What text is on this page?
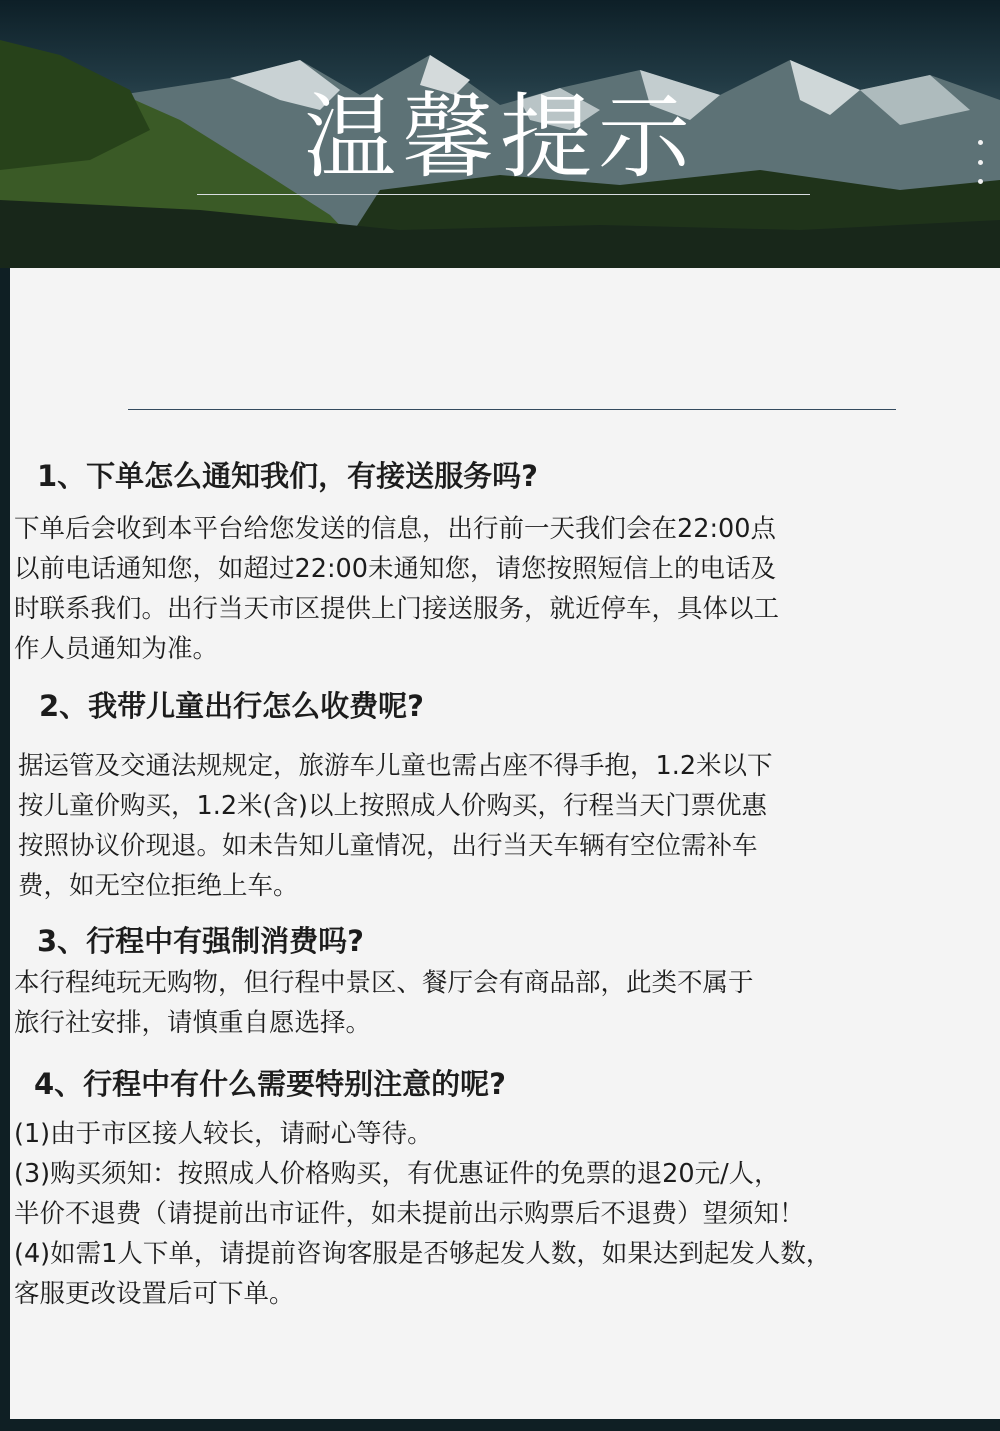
温馨提示
1、下单怎么通知我们，有接送服务吗?
下单后会收到本平台给您发送的信息，出行前一天我们会在22:00点
以前电话通知您，如超过22:00未通知您，请您按照短信上的电话及
时联系我们。出行当天市区提供上门接送服务，就近停车，具体以工
作人员通知为准。
2、我带儿童出行怎么收费呢?
据运管及交通法规规定，旅游车儿童也需占座不得手抱，1.2米以下
按儿童价购买，1.2米(含)以上按照成人价购买，行程当天门票优惠
按照协议价现退。如未告知儿童情况，出行当天车辆有空位需补车
费，如无空位拒绝上车。
3、行程中有强制消费吗?
本行程纯玩无购物，但行程中景区、餐厅会有商品部，此类不属于
旅行社安排，请慎重自愿选择。
4、行程中有什么需要特别注意的呢?
(1)由于市区接人较长，请耐心等待。
(3)购买须知：按照成人价格购买，有优惠证件的免票的退20元/人，
半价不退费（请提前出市证件，如未提前出示购票后不退费）望须知！
(4)如需1人下单，请提前咨询客服是否够起发人数，如果达到起发人数，
客服更改设置后可下单。
